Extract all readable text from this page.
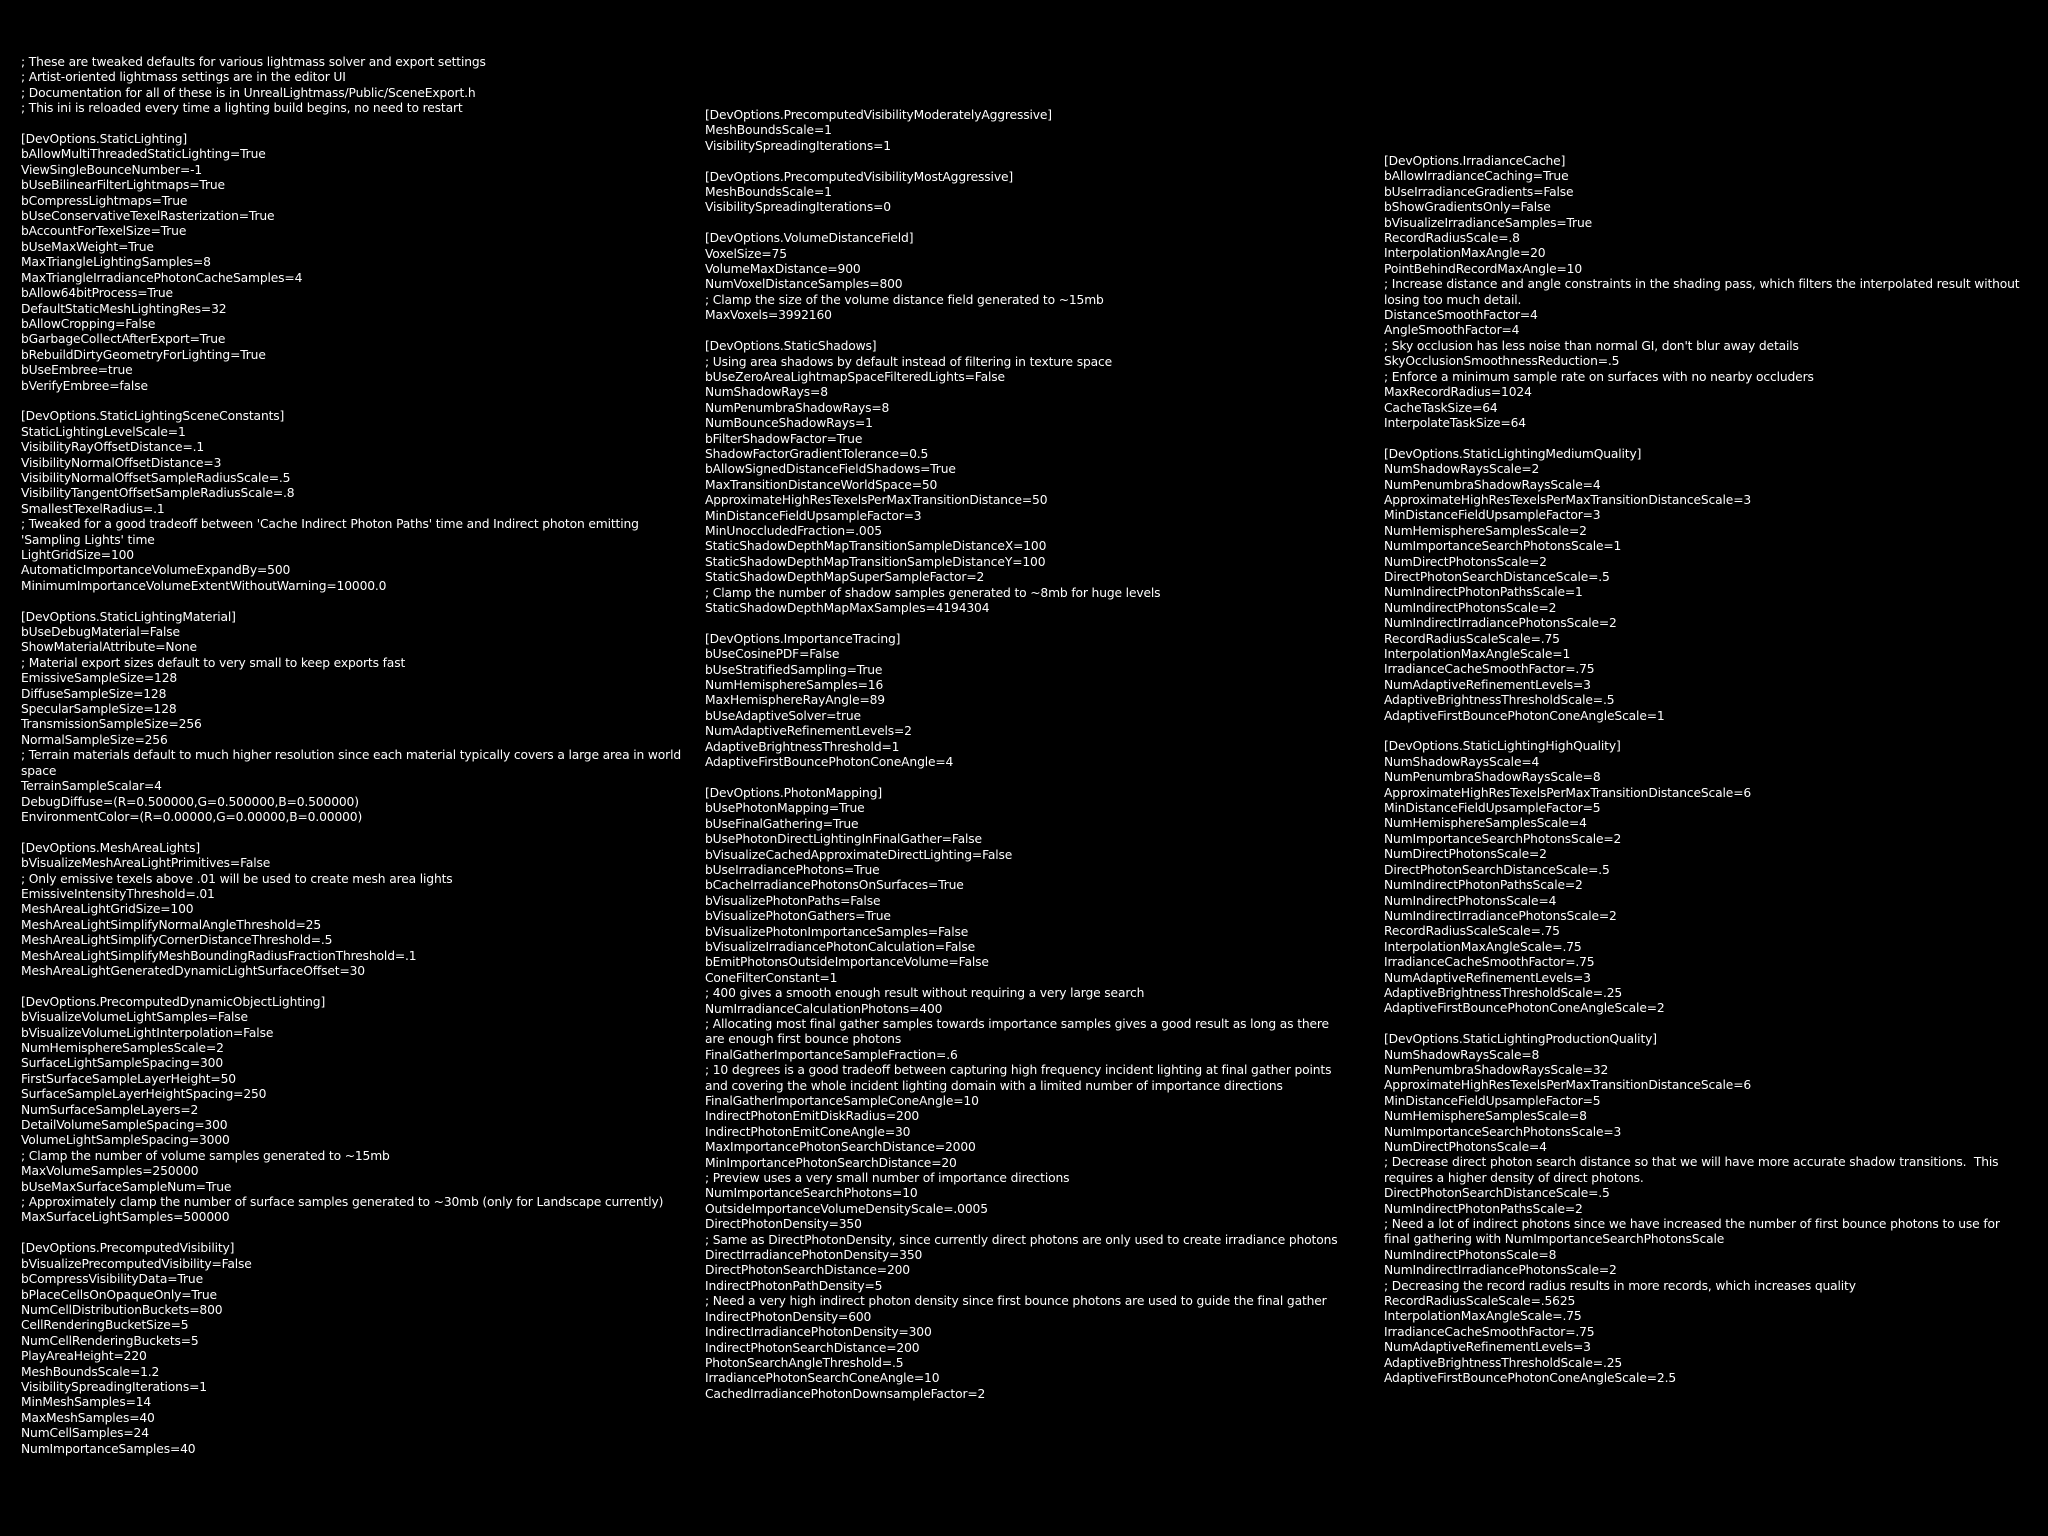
; These are tweaked defaults for various lightmass solver and export settings
; Artist-oriented lightmass settings are in the editor UI
; Documentation for all of these is in UnrealLightmass/Public/SceneExport.h
; This ini is reloaded every time a lighting build begins, no need to restart

[DevOptions.StaticLighting]
bAllowMultiThreadedStaticLighting=True
ViewSingleBounceNumber=-1
bUseBilinearFilterLightmaps=True
bCompressLightmaps=True
bUseConservativeTexelRasterization=True
bAccountForTexelSize=True
bUseMaxWeight=True
MaxTriangleLightingSamples=8
MaxTriangleIrradiancePhotonCacheSamples=4
bAllow64bitProcess=True
DefaultStaticMeshLightingRes=32
bAllowCropping=False
bGarbageCollectAfterExport=True
bRebuildDirtyGeometryForLighting=True
bUseEmbree=true
bVerifyEmbree=false

[DevOptions.StaticLightingSceneConstants]
StaticLightingLevelScale=1
VisibilityRayOffsetDistance=.1
VisibilityNormalOffsetDistance=3
VisibilityNormalOffsetSampleRadiusScale=.5
VisibilityTangentOffsetSampleRadiusScale=.8
SmallestTexelRadius=.1
; Tweaked for a good tradeoff between 'Cache Indirect Photon Paths' time and Indirect photon emitting 'Sampling Lights' time
LightGridSize=100
AutomaticImportanceVolumeExpandBy=500
MinimumImportanceVolumeExtentWithoutWarning=10000.0

[DevOptions.StaticLightingMaterial]
bUseDebugMaterial=False
ShowMaterialAttribute=None
; Material export sizes default to very small to keep exports fast
EmissiveSampleSize=128
DiffuseSampleSize=128
SpecularSampleSize=128
TransmissionSampleSize=256
NormalSampleSize=256
; Terrain materials default to much higher resolution since each material typically covers a large area in world space
TerrainSampleScalar=4
DebugDiffuse=(R=0.500000,G=0.500000,B=0.500000)
EnvironmentColor=(R=0.00000,G=0.00000,B=0.00000)

[DevOptions.MeshAreaLights]
bVisualizeMeshAreaLightPrimitives=False
; Only emissive texels above .01 will be used to create mesh area lights
EmissiveIntensityThreshold=.01
MeshAreaLightGridSize=100
MeshAreaLightSimplifyNormalAngleThreshold=25
MeshAreaLightSimplifyCornerDistanceThreshold=.5
MeshAreaLightSimplifyMeshBoundingRadiusFractionThreshold=.1
MeshAreaLightGeneratedDynamicLightSurfaceOffset=30

[DevOptions.PrecomputedDynamicObjectLighting]
bVisualizeVolumeLightSamples=False
bVisualizeVolumeLightInterpolation=False
NumHemisphereSamplesScale=2
SurfaceLightSampleSpacing=300
FirstSurfaceSampleLayerHeight=50
SurfaceSampleLayerHeightSpacing=250
NumSurfaceSampleLayers=2
DetailVolumeSampleSpacing=300
VolumeLightSampleSpacing=3000
; Clamp the number of volume samples generated to ~15mb
MaxVolumeSamples=250000
bUseMaxSurfaceSampleNum=True
; Approximately clamp the number of surface samples generated to ~30mb (only for Landscape currently)
MaxSurfaceLightSamples=500000

[DevOptions.PrecomputedVisibility]
bVisualizePrecomputedVisibility=False
bCompressVisibilityData=True
bPlaceCellsOnOpaqueOnly=True
NumCellDistributionBuckets=800
CellRenderingBucketSize=5
NumCellRenderingBuckets=5
PlayAreaHeight=220
MeshBoundsScale=1.2
VisibilitySpreadingIterations=1
MinMeshSamples=14
MaxMeshSamples=40
NumCellSamples=24
NumImportanceSamples=40
[DevOptions.PrecomputedVisibilityModeratelyAggressive]
MeshBoundsScale=1
VisibilitySpreadingIterations=1

[DevOptions.PrecomputedVisibilityMostAggressive]
MeshBoundsScale=1
VisibilitySpreadingIterations=0

[DevOptions.VolumeDistanceField]
VoxelSize=75
VolumeMaxDistance=900
NumVoxelDistanceSamples=800
; Clamp the size of the volume distance field generated to ~15mb
MaxVoxels=3992160

[DevOptions.StaticShadows]
; Using area shadows by default instead of filtering in texture space
bUseZeroAreaLightmapSpaceFilteredLights=False
NumShadowRays=8
NumPenumbraShadowRays=8
NumBounceShadowRays=1
bFilterShadowFactor=True
ShadowFactorGradientTolerance=0.5
bAllowSignedDistanceFieldShadows=True
MaxTransitionDistanceWorldSpace=50
ApproximateHighResTexelsPerMaxTransitionDistance=50
MinDistanceFieldUpsampleFactor=3
MinUnoccludedFraction=.005
StaticShadowDepthMapTransitionSampleDistanceX=100
StaticShadowDepthMapTransitionSampleDistanceY=100
StaticShadowDepthMapSuperSampleFactor=2
; Clamp the number of shadow samples generated to ~8mb for huge levels
StaticShadowDepthMapMaxSamples=4194304

[DevOptions.ImportanceTracing]
bUseCosinePDF=False
bUseStratifiedSampling=True
NumHemisphereSamples=16
MaxHemisphereRayAngle=89
bUseAdaptiveSolver=true
NumAdaptiveRefinementLevels=2
AdaptiveBrightnessThreshold=1
AdaptiveFirstBouncePhotonConeAngle=4

[DevOptions.PhotonMapping]
bUsePhotonMapping=True
bUseFinalGathering=True
bUsePhotonDirectLightingInFinalGather=False
bVisualizeCachedApproximateDirectLighting=False
bUseIrradiancePhotons=True
bCacheIrradiancePhotonsOnSurfaces=True
bVisualizePhotonPaths=False
bVisualizePhotonGathers=True
bVisualizePhotonImportanceSamples=False
bVisualizeIrradiancePhotonCalculation=False
bEmitPhotonsOutsideImportanceVolume=False
ConeFilterConstant=1
; 400 gives a smooth enough result without requiring a very large search
NumIrradianceCalculationPhotons=400
; Allocating most final gather samples towards importance samples gives a good result as long as there are enough first bounce photons
FinalGatherImportanceSampleFraction=.6
; 10 degrees is a good tradeoff between capturing high frequency incident lighting at final gather points and covering the whole incident lighting domain with a limited number of importance directions
FinalGatherImportanceSampleConeAngle=10
IndirectPhotonEmitDiskRadius=200
IndirectPhotonEmitConeAngle=30
MaxImportancePhotonSearchDistance=2000
MinImportancePhotonSearchDistance=20
; Preview uses a very small number of importance directions
NumImportanceSearchPhotons=10
OutsideImportanceVolumeDensityScale=.0005
DirectPhotonDensity=350
; Same as DirectPhotonDensity, since currently direct photons are only used to create irradiance photons
DirectIrradiancePhotonDensity=350
DirectPhotonSearchDistance=200
IndirectPhotonPathDensity=5
; Need a very high indirect photon density since first bounce photons are used to guide the final gather
IndirectPhotonDensity=600
IndirectIrradiancePhotonDensity=300
IndirectPhotonSearchDistance=200
PhotonSearchAngleThreshold=.5
IrradiancePhotonSearchConeAngle=10
CachedIrradiancePhotonDownsampleFactor=2
[DevOptions.IrradianceCache]
bAllowIrradianceCaching=True
bUseIrradianceGradients=False
bShowGradientsOnly=False
bVisualizeIrradianceSamples=True
RecordRadiusScale=.8
InterpolationMaxAngle=20
PointBehindRecordMaxAngle=10
; Increase distance and angle constraints in the shading pass, which filters the interpolated result without losing too much detail.
DistanceSmoothFactor=4
AngleSmoothFactor=4
; Sky occlusion has less noise than normal GI, don't blur away details
SkyOcclusionSmoothnessReduction=.5
; Enforce a minimum sample rate on surfaces with no nearby occluders
MaxRecordRadius=1024
CacheTaskSize=64
InterpolateTaskSize=64

[DevOptions.StaticLightingMediumQuality]
NumShadowRaysScale=2
NumPenumbraShadowRaysScale=4
ApproximateHighResTexelsPerMaxTransitionDistanceScale=3
MinDistanceFieldUpsampleFactor=3
NumHemisphereSamplesScale=2
NumImportanceSearchPhotonsScale=1
NumDirectPhotonsScale=2
DirectPhotonSearchDistanceScale=.5
NumIndirectPhotonPathsScale=1
NumIndirectPhotonsScale=2
NumIndirectIrradiancePhotonsScale=2
RecordRadiusScaleScale=.75
InterpolationMaxAngleScale=1
IrradianceCacheSmoothFactor=.75
NumAdaptiveRefinementLevels=3
AdaptiveBrightnessThresholdScale=.5
AdaptiveFirstBouncePhotonConeAngleScale=1

[DevOptions.StaticLightingHighQuality]
NumShadowRaysScale=4
NumPenumbraShadowRaysScale=8
ApproximateHighResTexelsPerMaxTransitionDistanceScale=6
MinDistanceFieldUpsampleFactor=5
NumHemisphereSamplesScale=4
NumImportanceSearchPhotonsScale=2
NumDirectPhotonsScale=2
DirectPhotonSearchDistanceScale=.5
NumIndirectPhotonPathsScale=2
NumIndirectPhotonsScale=4
NumIndirectIrradiancePhotonsScale=2
RecordRadiusScaleScale=.75
InterpolationMaxAngleScale=.75
IrradianceCacheSmoothFactor=.75
NumAdaptiveRefinementLevels=3
AdaptiveBrightnessThresholdScale=.25
AdaptiveFirstBouncePhotonConeAngleScale=2

[DevOptions.StaticLightingProductionQuality]
NumShadowRaysScale=8
NumPenumbraShadowRaysScale=32
ApproximateHighResTexelsPerMaxTransitionDistanceScale=6
MinDistanceFieldUpsampleFactor=5
NumHemisphereSamplesScale=8
NumImportanceSearchPhotonsScale=3
NumDirectPhotonsScale=4
; Decrease direct photon search distance so that we will have more accurate shadow transitions.  This requires a higher density of direct photons.
DirectPhotonSearchDistanceScale=.5
NumIndirectPhotonPathsScale=2
; Need a lot of indirect photons since we have increased the number of first bounce photons to use for final gathering with NumImportanceSearchPhotonsScale
NumIndirectPhotonsScale=8
NumIndirectIrradiancePhotonsScale=2
; Decreasing the record radius results in more records, which increases quality
RecordRadiusScaleScale=.5625
InterpolationMaxAngleScale=.75
IrradianceCacheSmoothFactor=.75
NumAdaptiveRefinementLevels=3
AdaptiveBrightnessThresholdScale=.25
AdaptiveFirstBouncePhotonConeAngleScale=2.5
